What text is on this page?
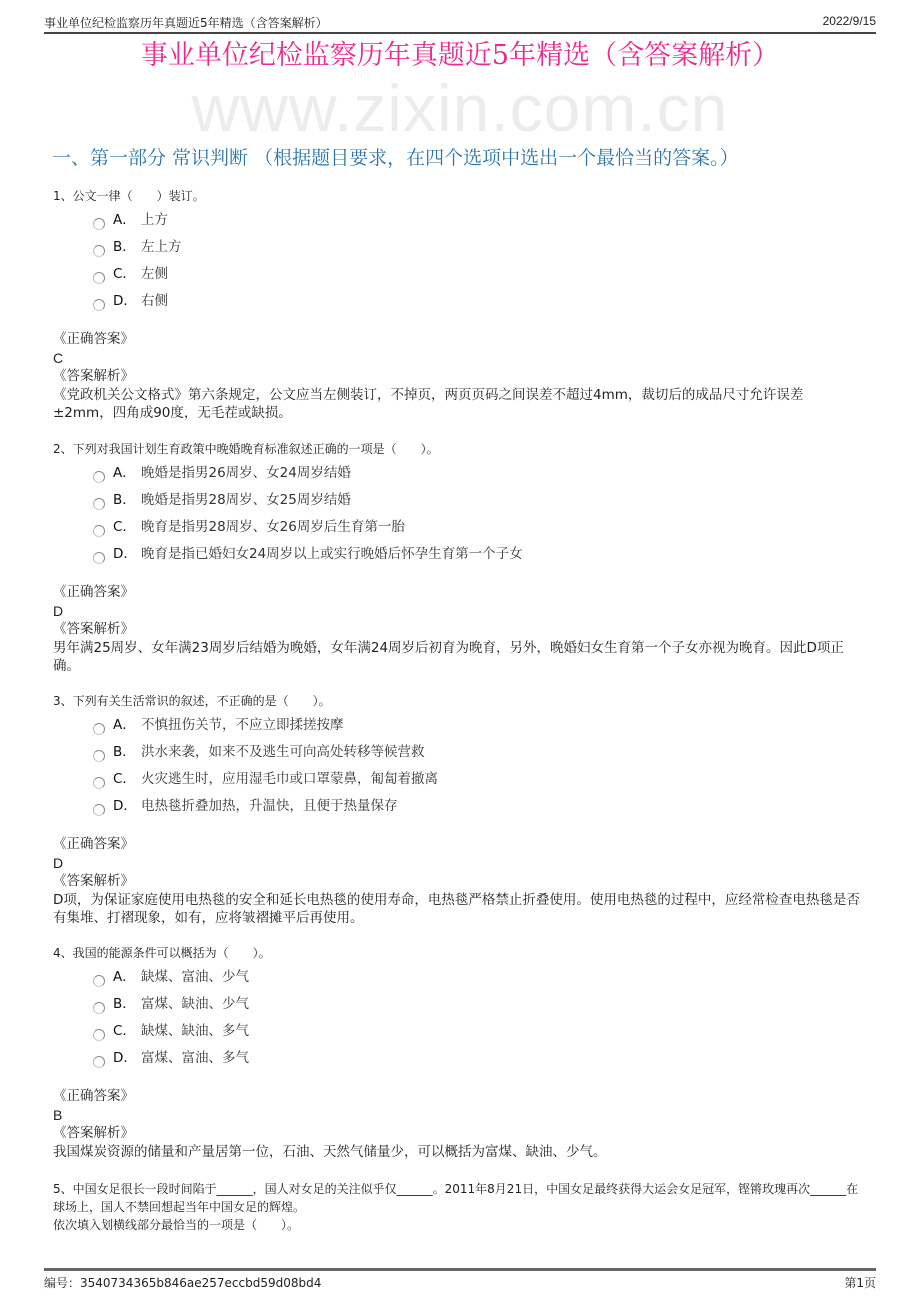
事业单位纪检监察历年真题近5年精选（含答案解析）	2022/9/15
事业单位纪检监察历年真题近5年精选（含答案解析）
www.zixin.com.cn
一、第一部分 常识判断 （根据题目要求，在四个选项中选出一个最恰当的答案。）
1、公文一律（　　）装订。
A． 上方
B． 左上方
C． 左侧
D． 右侧
《正确答案》
C
《答案解析》
《党政机关公文格式》第六条规定，公文应当左侧装订，不掉页，两页页码之间误差不超过4mm，裁切后的成品尺寸允许误差±2mm，四角成90度，无毛茬或缺损。
2、下列对我国计划生育政策中晚婚晚育标准叙述正确的一项是（　　）。
A． 晚婚是指男26周岁、女24周岁结婚
B． 晚婚是指男28周岁、女25周岁结婚
C． 晚育是指男28周岁、女26周岁后生育第一胎
D． 晚育是指已婚妇女24周岁以上或实行晚婚后怀孕生育第一个子女
《正确答案》
D
《答案解析》
男年满25周岁、女年满23周岁后结婚为晚婚，女年满24周岁后初育为晚育，另外，晚婚妇女生育第一个子女亦视为晚育。因此D项正确。
3、下列有关生活常识的叙述，不正确的是（　　）。
A． 不慎扭伤关节，不应立即揉搓按摩
B． 洪水来袭，如来不及逃生可向高处转移等候营救
C． 火灾逃生时，应用湿毛巾或口罩蒙鼻，匍匐着撤离
D． 电热毯折叠加热，升温快，且便于热量保存
《正确答案》
D
《答案解析》
D项，为保证家庭使用电热毯的安全和延长电热毯的使用寿命，电热毯严格禁止折叠使用。使用电热毯的过程中，应经常检查电热毯是否有集堆、打褶现象，如有，应将皱褶摊平后再使用。
4、我国的能源条件可以概括为（　　）。
A． 缺煤、富油、少气
B． 富煤、缺油、少气
C． 缺煤、缺油、多气
D． 富煤、富油、多气
《正确答案》
B
《答案解析》
我国煤炭资源的储量和产量居第一位，石油、天然气储量少，可以概括为富煤、缺油、少气。
5、中国女足很长一段时间陷于______，国人对女足的关注似乎仅______。2011年8月21日，中国女足最终获得大运会女足冠军，铿锵玫瑰再次______在球场上，国人不禁回想起当年中国女足的辉煌。
依次填入划横线部分最恰当的一项是（　　）。
编号：3540734365b846ae257eccbd59d08bd4	第1页
